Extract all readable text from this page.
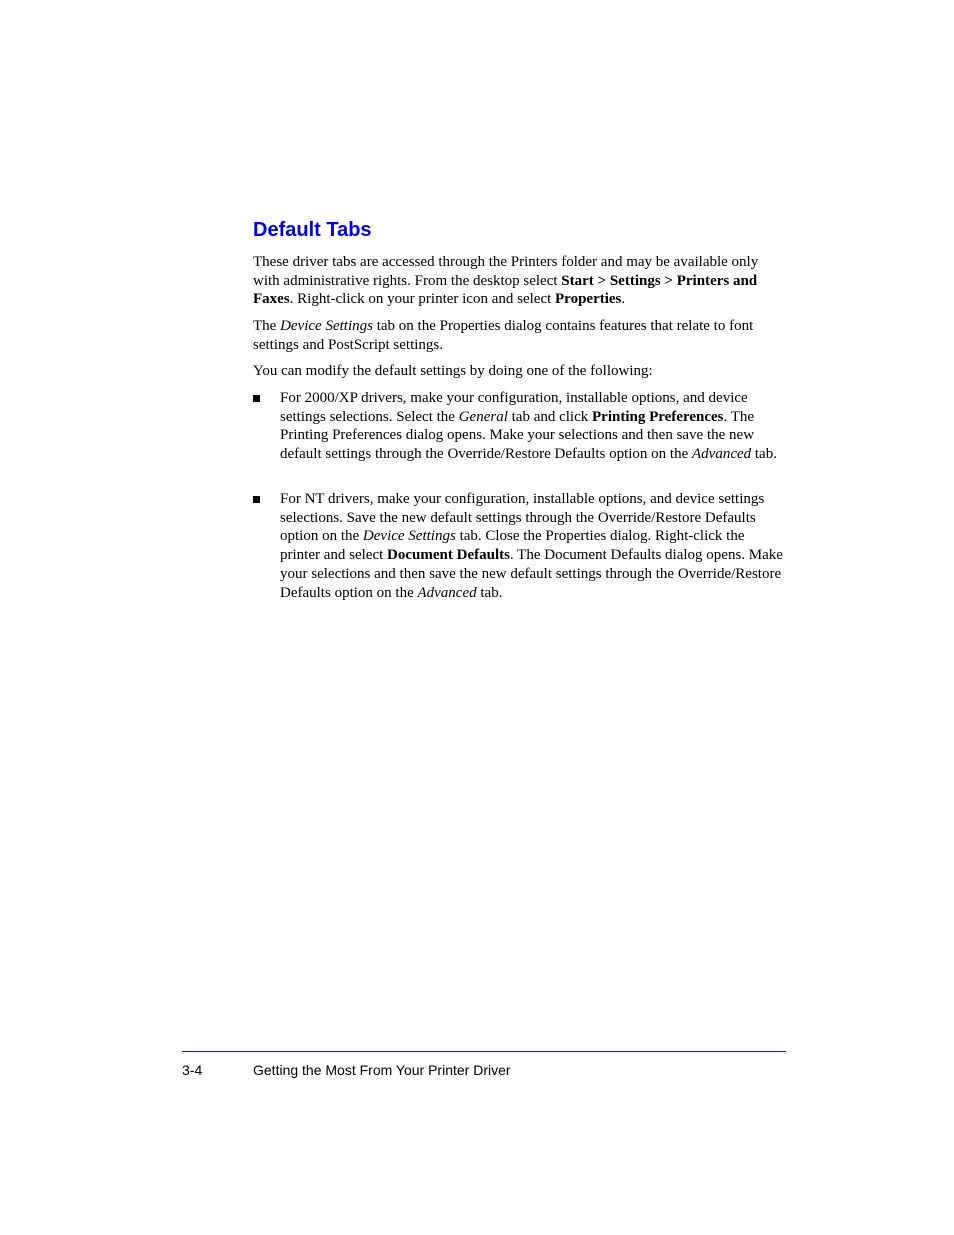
Default Tabs

These driver tabs are accessed through the Printers folder and may be available only with administrative rights. From the desktop select Start > Settings > Printers and Faxes. Right-click on your printer icon and select Properties.

The Device Settings tab on the Properties dialog contains features that relate to font settings and PostScript settings.

You can modify the default settings by doing one of the following:

For 2000/XP drivers, make your configuration, installable options, and device settings selections. Select the General tab and click Printing Preferences. The Printing Preferences dialog opens. Make your selections and then save the new default settings through the Override/Restore Defaults option on the Advanced tab.
For NT drivers, make your configuration, installable options, and device settings selections. Save the new default settings through the Override/Restore Defaults option on the Device Settings tab. Close the Properties dialog. Right-click the printer and select Document Defaults. The Document Defaults dialog opens. Make your selections and then save the new default settings through the Override/Restore Defaults option on the Advanced tab.
3-4	Getting the Most From Your Printer Driver
